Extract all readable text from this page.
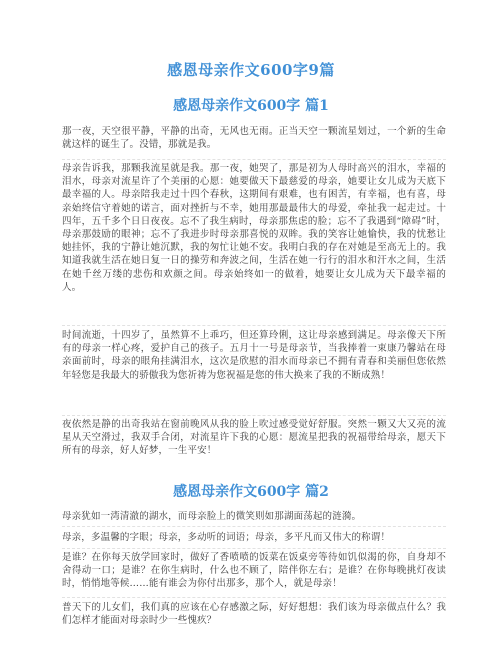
感恩母亲作文600字9篇
感恩母亲作文600字 篇1

那一夜，天空很平静，平静的出奇，无风也无雨。正当天空一颗流星划过，一个新的生命就这样的诞生了。没错，那就是我。

母亲告诉我，那颗我流星就是我。那一夜，她哭了，那是初为人母时高兴的泪水，幸福的泪水，母亲对流星许了个美丽的心愿：她要做天下最慈爱的母亲，她要让女儿成为天底下最幸福的人。母亲陪我走过十四个春秋，这期间有艰难，也有困苦，有幸福，也有喜，母亲始终信守着她的诺言，面对挫折与不幸，她用那最最伟大的母爱，牵扯我一起走过。十四年，五千多个日日夜夜。忘不了我生病时，母亲那焦虑的脸；忘不了我遇到“障碍”时，母亲那鼓励的眼神；忘不了我进步时母亲那喜悦的双眸。我的笑容让她愉快，我的忧愁让她挂怀，我的宁静让她沉默，我的匆忙让她不安。我明白我的存在对她是至高无上的。我知道我就生活在她日复一日的操劳和奔波之间，生活在她一行行的泪水和汗水之间，生活在她千丝万缕的悲伤和欢颜之间。母亲始终如一的做着，她要让女儿成为天下最幸福的人。

时间流逝，十四岁了，虽然算不上乖巧，但还算玲俐，这让母亲感到满足。母亲像天下所有的母亲一样心疼，爱护自己的孩子。五月十一号是母亲节，当我捧着一束康乃馨站在母亲面前时，母亲的眼角挂满泪水，这次是欣慰的泪水而母亲已不拥有青春和美丽但您依然年轻您是我最大的骄傲我为您祈祷为您祝福是您的伟大换来了我的不断成熟！

夜依然是静的出奇我站在窗前晚风从我的脸上吹过感受觉好舒服。突然一颗又大又亮的流星从天空滑过，我双手合闭，对流星许下我的心愿：愿流星把我的祝福带给母亲，愿天下所有的母亲，好人好梦，一生平安！

感恩母亲作文600字 篇2

母亲犹如一湾清澈的湖水，而母亲脸上的微笑则如那湖面荡起的涟漪。

母亲，多温馨的字眼；母亲，多动听的词语；母亲，多平凡而又伟大的称谓！

是谁？在你每天放学回家时，做好了香喷喷的饭菜在饭桌旁等待如饥似渴的你，自身却不舍得动一口；是谁？在你生病时，什么也不顾了，陪伴你左右；是谁？在你每晚挑灯夜读时，悄悄地等候……能有谁会为你付出那多，那个人，就是母亲！

普天下的儿女们，我们真的应该在心存感激之际，好好想想：我们该为母亲做点什么？我们怎样才能面对母亲时少一些愧疚？
